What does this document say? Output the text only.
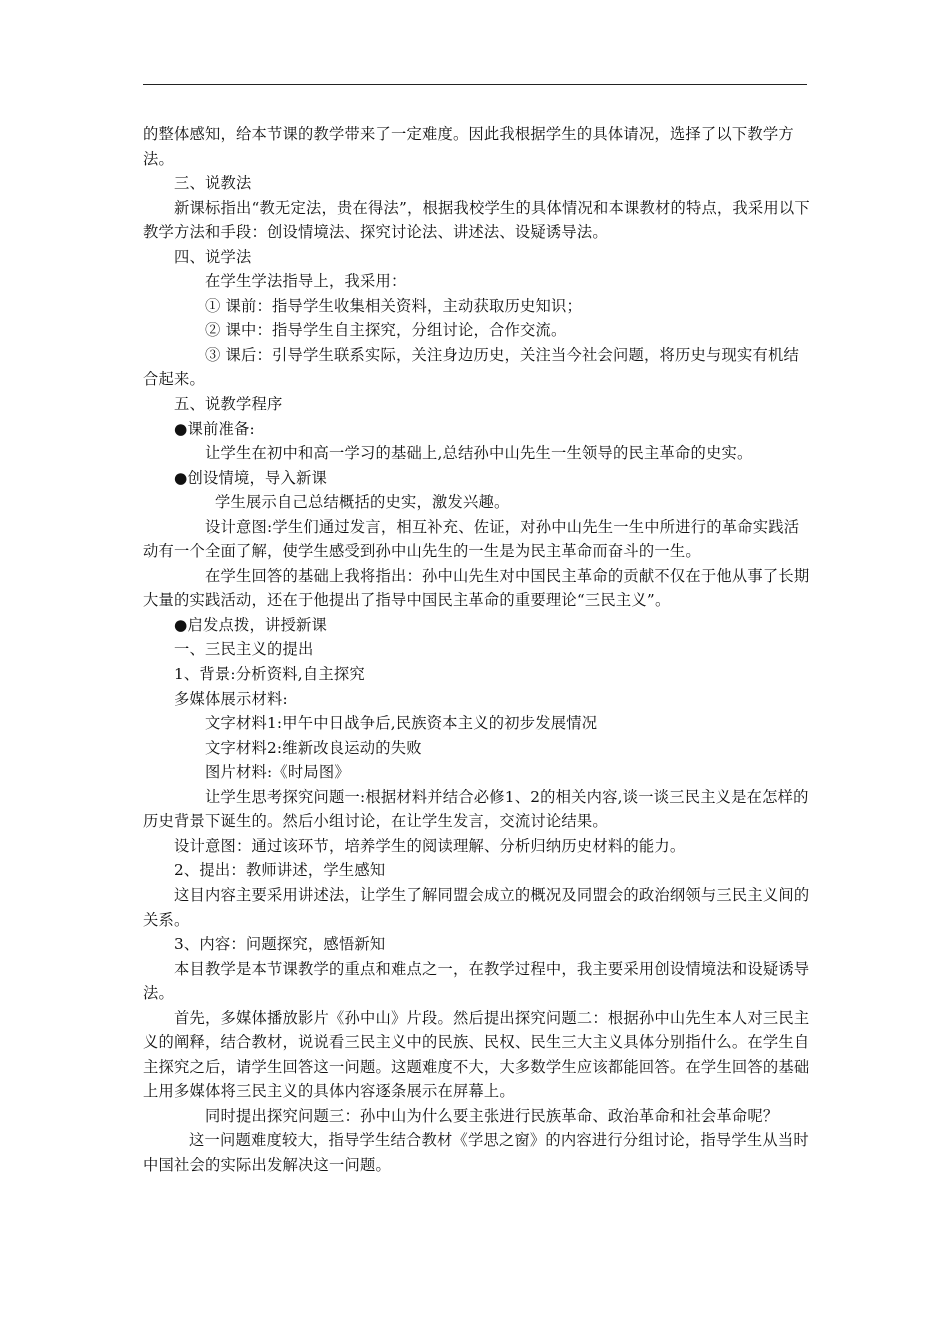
的整体感知，给本节课的教学带来了一定难度。因此我根据学生的具体请况，选择了以下教学方法。

三、说教法

新课标指出“教无定法，贵在得法”，根据我校学生的具体情况和本课教材的特点，我采用以下教学方法和手段：创设情境法、探究讨论法、讲述法、设疑诱导法。

四、说学法

在学生学法指导上，我采用：

① 课前：指导学生收集相关资料，主动获取历史知识；

② 课中：指导学生自主探究，分组讨论，合作交流。

③ 课后：引导学生联系实际，关注身边历史，关注当今社会问题，将历史与现实有机结合起来。

五、说教学程序

●课前准备:

让学生在初中和高一学习的基础上,总结孙中山先生一生领导的民主革命的史实。

●创设情境，导入新课

学生展示自己总结概括的史实，激发兴趣。

设计意图:学生们通过发言，相互补充、佐证，对孙中山先生一生中所进行的革命实践活动有一个全面了解，使学生感受到孙中山先生的一生是为民主革命而奋斗的一生。

在学生回答的基础上我将指出：孙中山先生对中国民主革命的贡献不仅在于他从事了长期大量的实践活动，还在于他提出了指导中国民主革命的重要理论“三民主义”。

●启发点拨，讲授新课

一、三民主义的提出

1、背景:分析资料,自主探究

多媒体展示材料:

文字材料1:甲午中日战争后,民族资本主义的初步发展情况

文字材料2:维新改良运动的失败

图片材料:《时局图》

让学生思考探究问题一:根据材料并结合必修1、2的相关内容,谈一谈三民主义是在怎样的历史背景下诞生的。然后小组讨论，在让学生发言，交流讨论结果。

设计意图：通过该环节，培养学生的阅读理解、分析归纳历史材料的能力。

2、提出：教师讲述，学生感知

这目内容主要采用讲述法，让学生了解同盟会成立的概况及同盟会的政治纲领与三民主义间的关系。

3、内容：问题探究，感悟新知

本目教学是本节课教学的重点和难点之一，在教学过程中，我主要采用创设情境法和设疑诱导法。

首先，多媒体播放影片《孙中山》片段。然后提出探究问题二：根据孙中山先生本人对三民主义的阐释，结合教材，说说看三民主义中的民族、民权、民生三大主义具体分别指什么。在学生自主探究之后，请学生回答这一问题。这题难度不大，大多数学生应该都能回答。在学生回答的基础上用多媒体将三民主义的具体内容逐条展示在屏幕上。

同时提出探究问题三：孙中山为什么要主张进行民族革命、政治革命和社会革命呢？

这一问题难度较大，指导学生结合教材《学思之窗》的内容进行分组讨论，指导学生从当时中国社会的实际出发解决这一问题。
